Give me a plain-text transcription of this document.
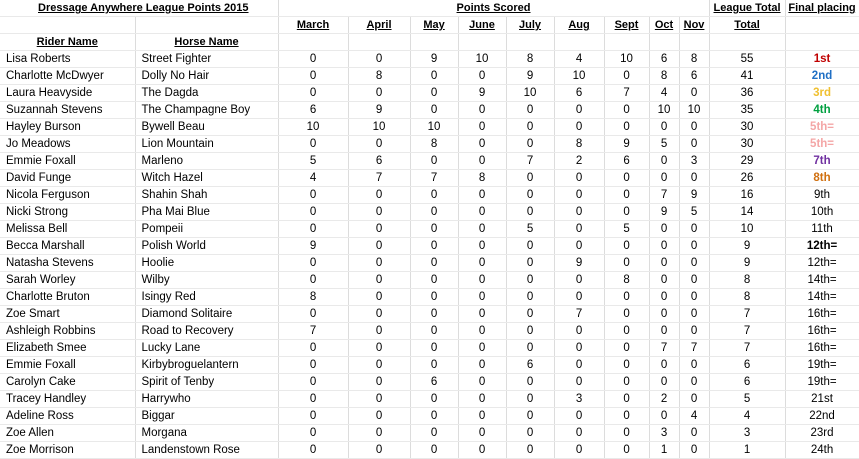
Dressage Anywhere League Points 2015		Points Scored									League Total	Final placing
		March	April	May	June	July	Aug	Sept	Oct	Nov	Total	
Rider Name	Horse Name											
Lisa Roberts	Street Fighter	0	0	9	10	8	4	10	6	8	55	1st
Charlotte McDwyer	Dolly No Hair	0	8	0	0	9	10	0	8	6	41	2nd
Laura Heavyside	The Dagda	0	0	0	9	10	6	7	4	0	36	3rd
Suzannah Stevens	The Champagne Boy	6	9	0	0	0	0	0	10	10	35	4th
Hayley Burson	Bywell Beau	10	10	10	0	0	0	0	0	0	30	5th=
Jo Meadows	Lion Mountain	0	0	8	0	0	8	9	5	0	30	5th=
Emmie Foxall	Marleno	5	6	0	0	7	2	6	0	3	29	7th
David Funge	Witch Hazel	4	7	7	8	0	0	0	0	0	26	8th
Nicola Ferguson	Shahin Shah	0	0	0	0	0	0	0	7	9	16	9th
Nicki Strong	Pha Mai Blue	0	0	0	0	0	0	0	9	5	14	10th
Melissa Bell	Pompeii	0	0	0	0	5	0	5	0	0	10	11th
Becca Marshall	Polish World	9	0	0	0	0	0	0	0	0	9	12th=
Natasha Stevens	Hoolie	0	0	0	0	0	9	0	0	0	9	12th=
Sarah Worley	Wilby	0	0	0	0	0	0	8	0	0	8	14th=
Charlotte Bruton	Isingy Red	8	0	0	0	0	0	0	0	0	8	14th=
Zoe Smart	Diamond Solitaire	0	0	0	0	0	7	0	0	0	7	16th=
Ashleigh Robbins	Road to Recovery	7	0	0	0	0	0	0	0	0	7	16th=
Elizabeth Smee	Lucky Lane	0	0	0	0	0	0	0	7	7	7	16th=
Emmie Foxall	Kirbybroguelantern	0	0	0	0	6	0	0	0	0	6	19th=
Carolyn Cake	Spirit of Tenby	0	0	6	0	0	0	0	0	0	6	19th=
Tracey Handley	Harrywho	0	0	0	0	0	3	0	2	0	5	21st
Adeline Ross	Biggar	0	0	0	0	0	0	0	0	4	4	22nd
Zoe Allen	Morgana	0	0	0	0	0	0	0	3	0	3	23rd
Zoe Morrison	Landenstown Rose	0	0	0	0	0	0	0	1	0	1	24th
